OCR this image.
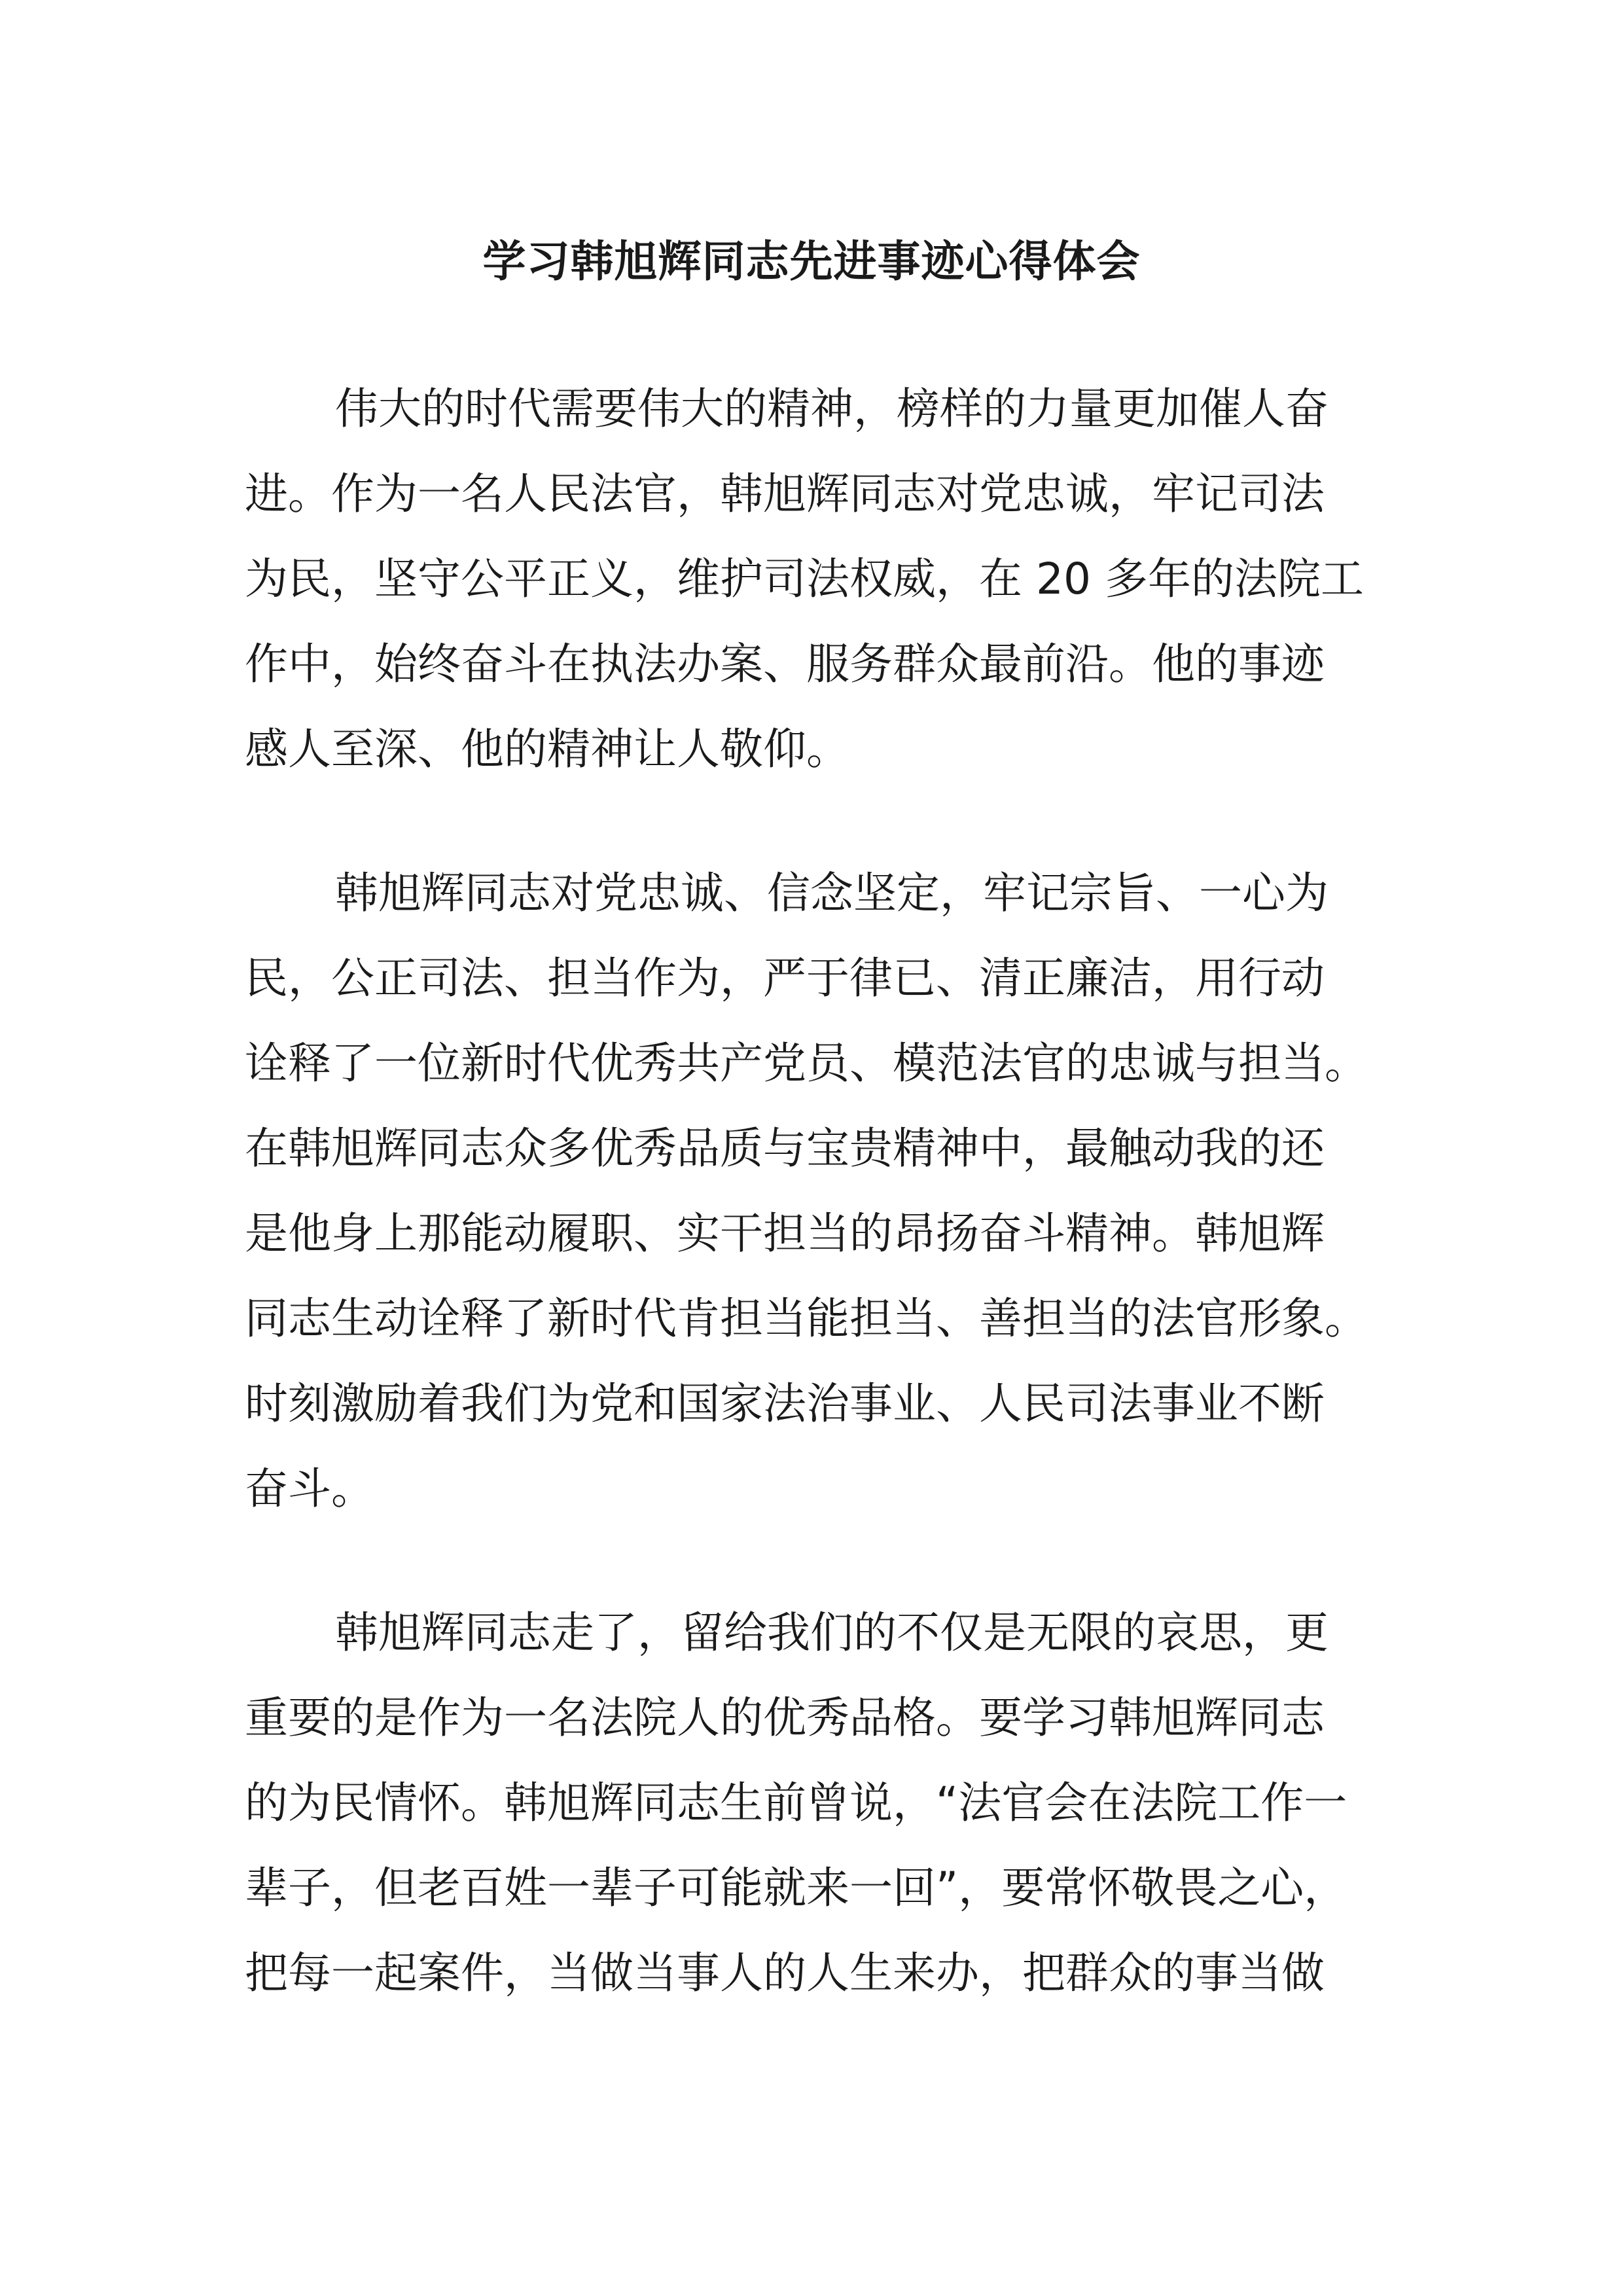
学习韩旭辉同志先进事迹心得体会
伟大的时代需要伟大的精神，榜样的力量更加催人奋
进。作为一名人民法官，韩旭辉同志对党忠诚，牢记司法
为民，坚守公平正义，维护司法权威，在 20 多年的法院工
作中，始终奋斗在执法办案、服务群众最前沿。他的事迹
感人至深、他的精神让人敬仰。
韩旭辉同志对党忠诚、信念坚定，牢记宗旨、一心为
民，公正司法、担当作为，严于律已、清正廉洁，用行动
诠释了一位新时代优秀共产党员、模范法官的忠诚与担当。
在韩旭辉同志众多优秀品质与宝贵精神中，最触动我的还
是他身上那能动履职、实干担当的昂扬奋斗精神。韩旭辉
同志生动诠释了新时代肯担当能担当、善担当的法官形象。
时刻激励着我们为党和国家法治事业、人民司法事业不断
奋斗。
韩旭辉同志走了，留给我们的不仅是无限的哀思，更
重要的是作为一名法院人的优秀品格。要学习韩旭辉同志
的为民情怀。韩旭辉同志生前曾说，“法官会在法院工作一
辈子，但老百姓一辈子可能就来一回”，要常怀敬畏之心，
把每一起案件，当做当事人的人生来办，把群众的事当做
